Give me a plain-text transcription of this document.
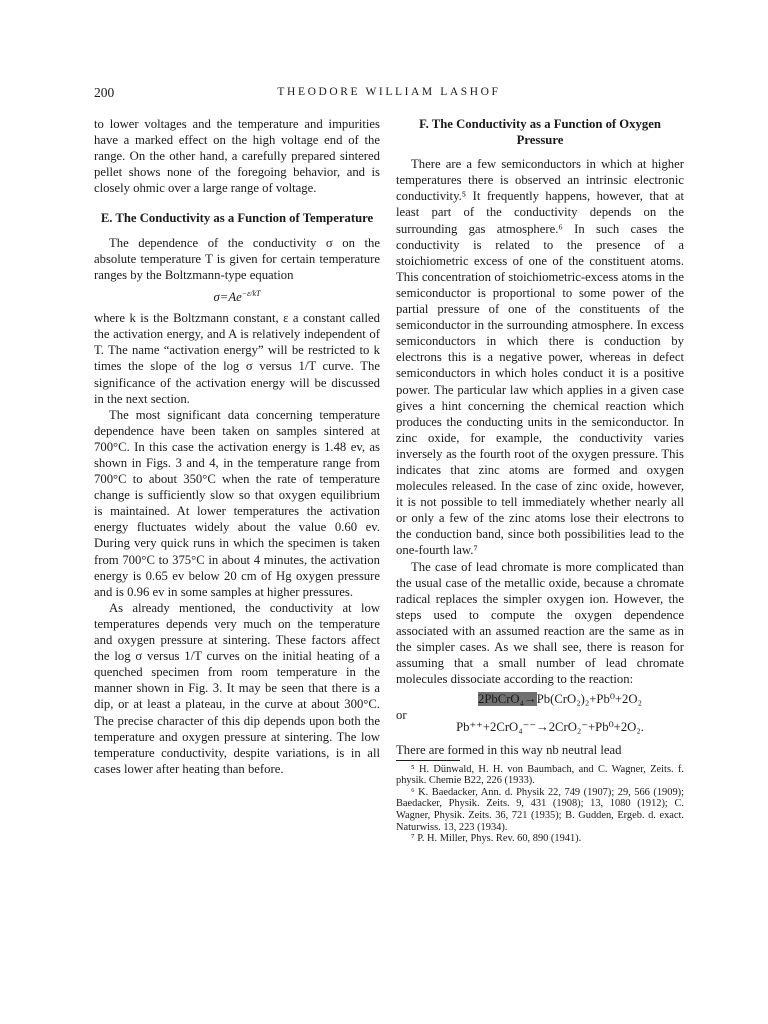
200	THEODORE WILLIAM LASHOF

to lower voltages and the temperature and impurities have a marked effect on the high voltage end of the range. On the other hand, a carefully prepared sintered pellet shows none of the foregoing behavior, and is closely ohmic over a large range of voltage.

E. The Conductivity as a Function of Temperature

The dependence of the conductivity σ on the absolute temperature T is given for certain temperature ranges by the Boltzmann-type equation

$\sigma=Ae^{-\varepsilon/kT}$

where k is the Boltzmann constant, ε a constant called the activation energy, and A is relatively independent of T. The name “activation energy” will be restricted to k times the slope of the log σ versus 1/T curve. The significance of the activation energy will be discussed in the next section.

The most significant data concerning temperature dependence have been taken on samples sintered at 700°C. In this case the activation energy is 1.48 ev, as shown in Figs. 3 and 4, in the temperature range from 700°C to about 350°C when the rate of temperature change is sufficiently slow so that oxygen equilibrium is maintained. At lower temperatures the activation energy fluctuates widely about the value 0.60 ev. During very quick runs in which the specimen is taken from 700°C to 375°C in about 4 minutes, the activation energy is 0.65 ev below 20 cm of Hg oxygen pressure and is 0.96 ev in some samples at higher pressures.

As already mentioned, the conductivity at low temperatures depends very much on the temperature and oxygen pressure at sintering. These factors affect the log σ versus 1/T curves on the initial heating of a quenched specimen from room temperature in the manner shown in Fig. 3. It may be seen that there is a dip, or at least a plateau, in the curve at about 300°C. The precise character of this dip depends upon both the temperature and oxygen pressure at sintering. The low temperature conductivity, despite variations, is in all cases lower after heating than before.

F. The Conductivity as a Function of Oxygen Pressure

There are a few semiconductors in which at higher temperatures there is observed an intrinsic electronic conductivity.⁵ It frequently happens, however, that at least part of the conductivity depends on the surrounding gas atmosphere.⁶ In such cases the conductivity is related to the presence of a stoichiometric excess of one of the constituent atoms. This concentration of stoichiometric-excess atoms in the semiconductor is proportional to some power of the partial pressure of one of the constituents of the semiconductor in the surrounding atmosphere. In excess semiconductors in which there is conduction by electrons this is a negative power, whereas in defect semiconductors in which holes conduct it is a positive power. The particular law which applies in a given case gives a hint concerning the chemical reaction which produces the conducting units in the semiconductor. In zinc oxide, for example, the conductivity varies inversely as the fourth root of the oxygen pressure. This indicates that zinc atoms are formed and oxygen molecules released. In the case of zinc oxide, however, it is not possible to tell immediately whether nearly all or only a few of the zinc atoms lose their electrons to the conduction band, since both possibilities lead to the one-fourth law.⁷

The case of lead chromate is more complicated than the usual case of the metallic oxide, because a chromate radical replaces the simpler oxygen ion. However, the steps used to compute the oxygen dependence associated with an assumed reaction are the same as in the simpler cases. As we shall see, there is reason for assuming that a small number of lead chromate molecules dissociate according to the reaction:

2PbCrO₄→Pb(CrO₂)₂+Pb⁰+2O₂

or

Pb⁺⁺+2CrO₄⁻⁻→2CrO₂⁻+Pb⁰+2O₂.

There are formed in this way nb neutral lead

⁵ H. Dünwald, H. H. von Baumbach, and C. Wagner, Zeits. f. physik. Chemie B22, 226 (1933).

⁶ K. Baedacker, Ann. d. Physik 22, 749 (1907); 29, 566 (1909); Baedacker, Physik. Zeits. 9, 431 (1908); 13, 1080 (1912); C. Wagner, Physik. Zeits. 36, 721 (1935); B. Gudden, Ergeb. d. exact. Naturwiss. 13, 223 (1934).

⁷ P. H. Miller, Phys. Rev. 60, 890 (1941).
